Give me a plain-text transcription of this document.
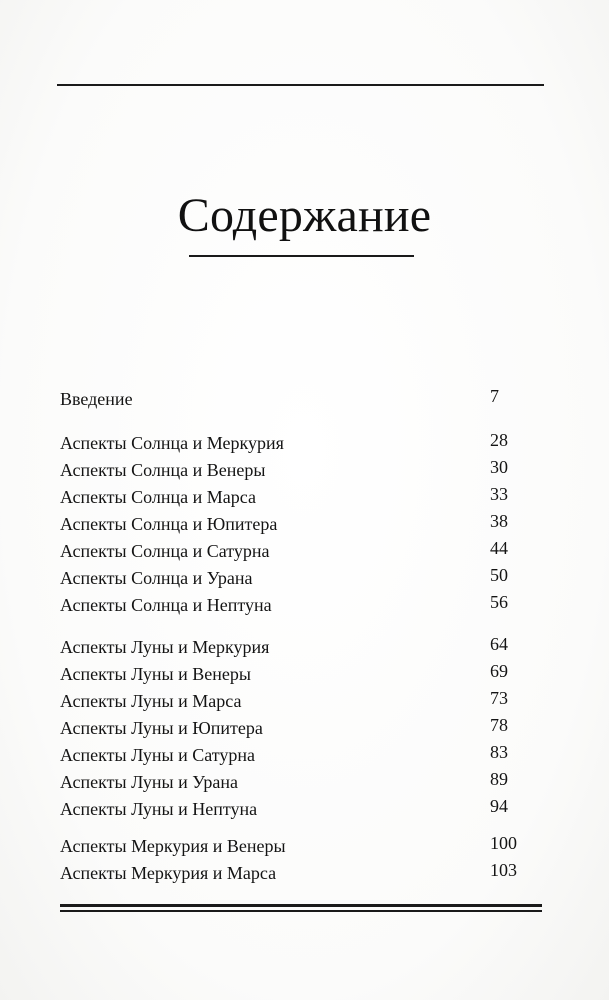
Содержание
Введение	7
Аспекты Солнца и Меркурия	28
Аспекты Солнца и Венеры	30
Аспекты Солнца и Марса	33
Аспекты Солнца и Юпитера	38
Аспекты Солнца и Сатурна	44
Аспекты Солнца и Урана	50
Аспекты Солнца и Нептуна	56
Аспекты Луны и Меркурия	64
Аспекты Луны и Венеры	69
Аспекты Луны и Марса	73
Аспекты Луны и Юпитера	78
Аспекты Луны и Сатурна	83
Аспекты Луны и Урана	89
Аспекты Луны и Нептуна	94
Аспекты Меркурия и Венеры	100
Аспекты Меркурия и Марса	103
